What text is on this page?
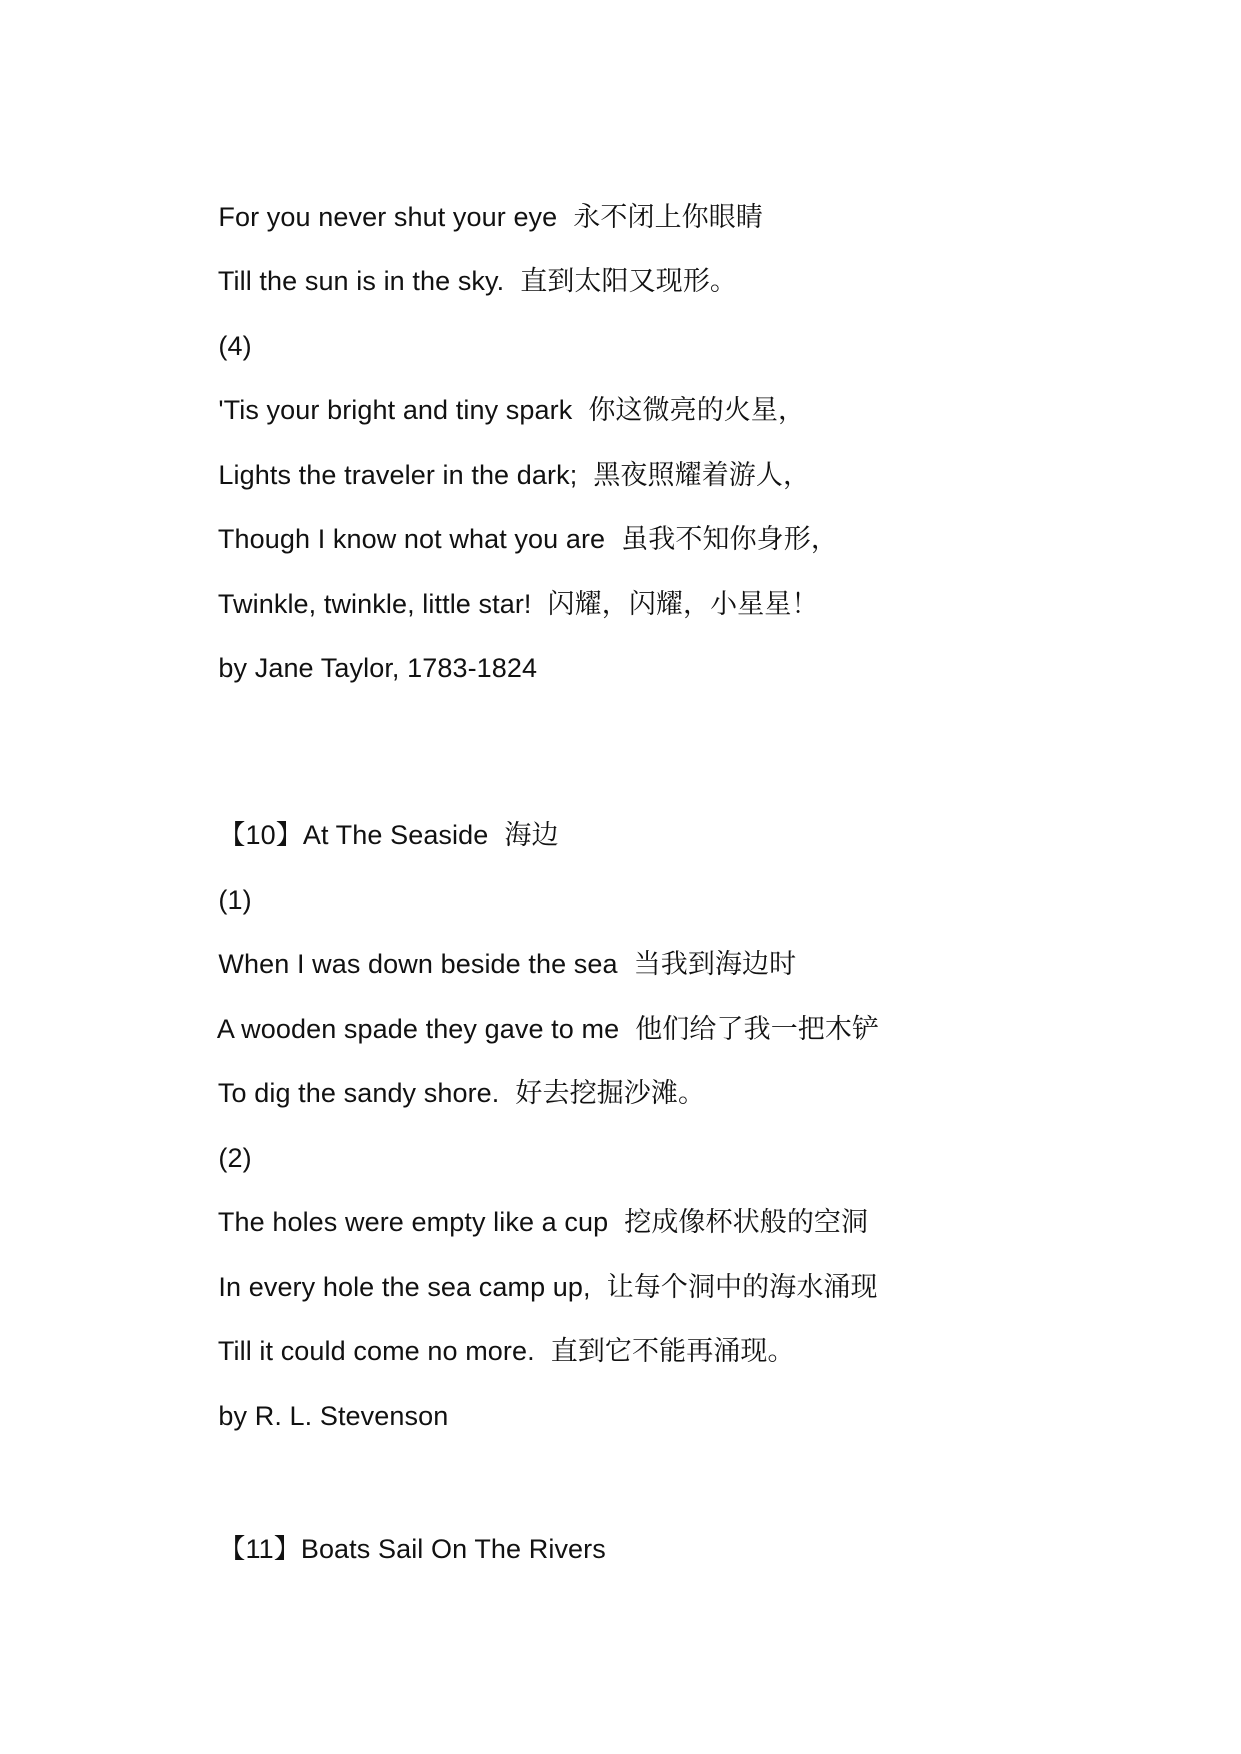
For you never shut your eye 永不闭上你眼睛

Till the sun is in the sky. 直到太阳又现形。

(4)

'Tis your bright and tiny spark 你这微亮的火星，

Lights the traveler in the dark; 黑夜照耀着游人，

Though I know not what you are 虽我不知你身形，

Twinkle, twinkle, little star! 闪耀，闪耀，小星星！

by Jane Taylor, 1783-1824

【10】At The Seaside 海边

(1)

When I was down beside the sea 当我到海边时

A wooden spade they gave to me 他们给了我一把木铲

To dig the sandy shore. 好去挖掘沙滩。

(2)

The holes were empty like a cup 挖成像杯状般的空洞

In every hole the sea camp up, 让每个洞中的海水涌现

Till it could come no more. 直到它不能再涌现。

by R. L. Stevenson

【11】Boats Sail On The Rivers
